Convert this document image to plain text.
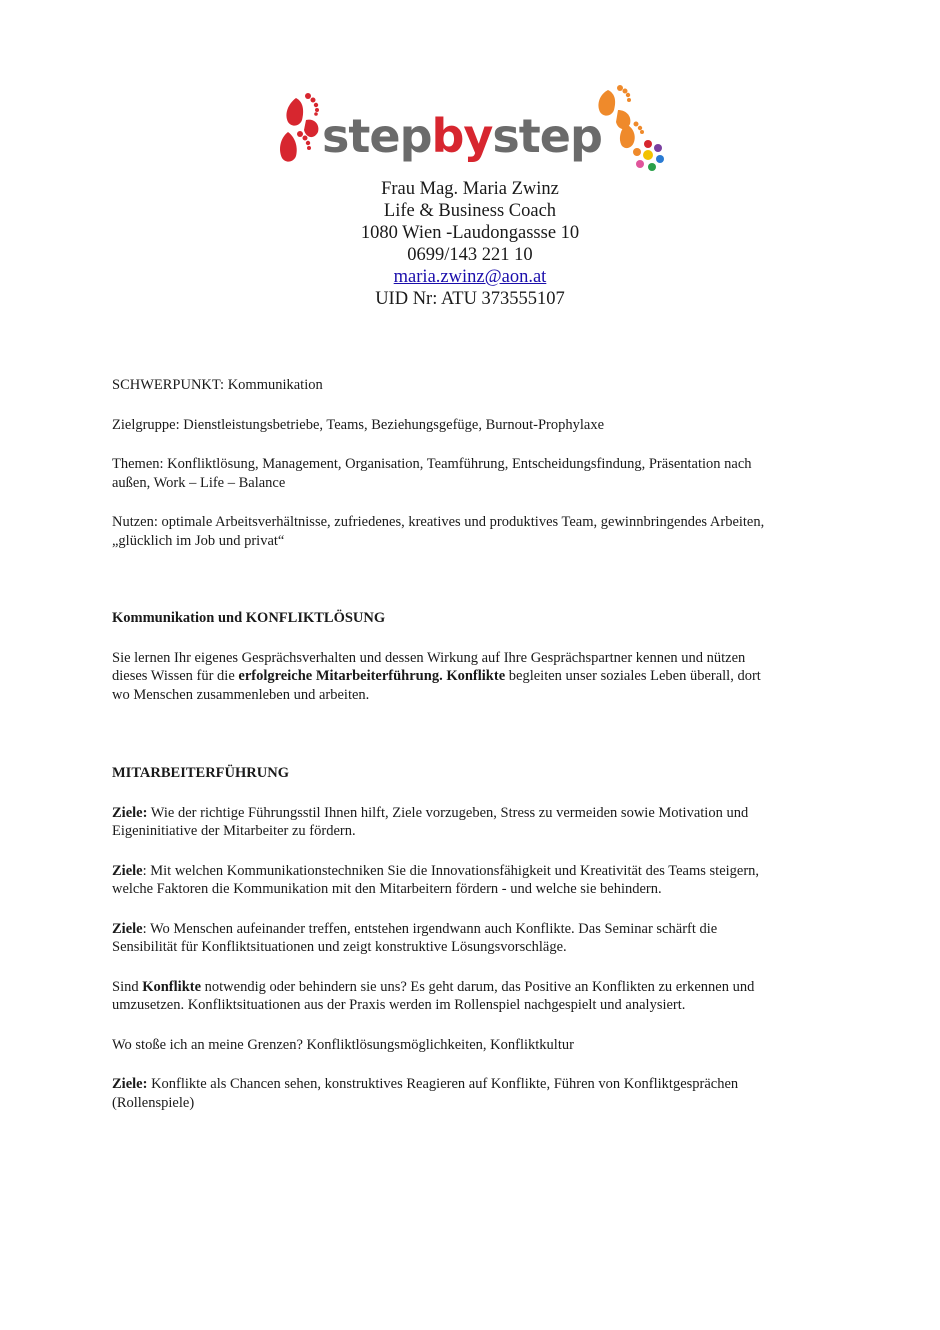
stepbystep
Frau Mag. Maria Zwinz
Life & Business Coach
1080 Wien -Laudongassse 10
0699/143 221 10
maria.zwinz@aon.at
UID Nr: ATU 373555107

SCHWERPUNKT: Kommunikation

Zielgruppe: Dienstleistungsbetriebe, Teams, Beziehungsgefüge, Burnout-Prophylaxe

Themen: Konfliktlösung, Management, Organisation, Teamführung, Entscheidungsfindung, Präsentation nach

außen, Work – Life – Balance

Nutzen: optimale Arbeitsverhältnisse, zufriedenes, kreatives und produktives Team, gewinnbringendes Arbeiten,

„glücklich im Job und privat“

Kommunikation und KONFLIKTLÖSUNG

Sie lernen Ihr eigenes Gesprächsverhalten und dessen Wirkung auf Ihre Gesprächspartner kennen und nützen

dieses Wissen für die erfolgreiche Mitarbeiterführung. Konflikte begleiten unser soziales Leben überall, dort

wo Menschen zusammenleben und arbeiten.

MITARBEITERFÜHRUNG

Ziele: Wie der richtige Führungsstil Ihnen hilft, Ziele vorzugeben, Stress zu vermeiden sowie Motivation und

Eigeninitiative der Mitarbeiter zu fördern.

Ziele: Mit welchen Kommunikationstechniken Sie die Innovationsfähigkeit und Kreativität des Teams steigern,

welche Faktoren die Kommunikation mit den Mitarbeitern fördern - und welche sie behindern.

Ziele: Wo Menschen aufeinander treffen, entstehen irgendwann auch Konflikte. Das Seminar schärft die

Sensibilität für Konfliktsituationen und zeigt konstruktive Lösungsvorschläge.

Sind Konflikte notwendig oder behindern sie uns? Es geht darum, das Positive an Konflikten zu erkennen und

umzusetzen. Konfliktsituationen aus der Praxis werden im Rollenspiel nachgespielt und analysiert.

Wo stoße ich an meine Grenzen? Konfliktlösungsmöglichkeiten, Konfliktkultur

Ziele: Konflikte als Chancen sehen, konstruktives Reagieren auf Konflikte, Führen von Konfliktgesprächen

(Rollenspiele)
